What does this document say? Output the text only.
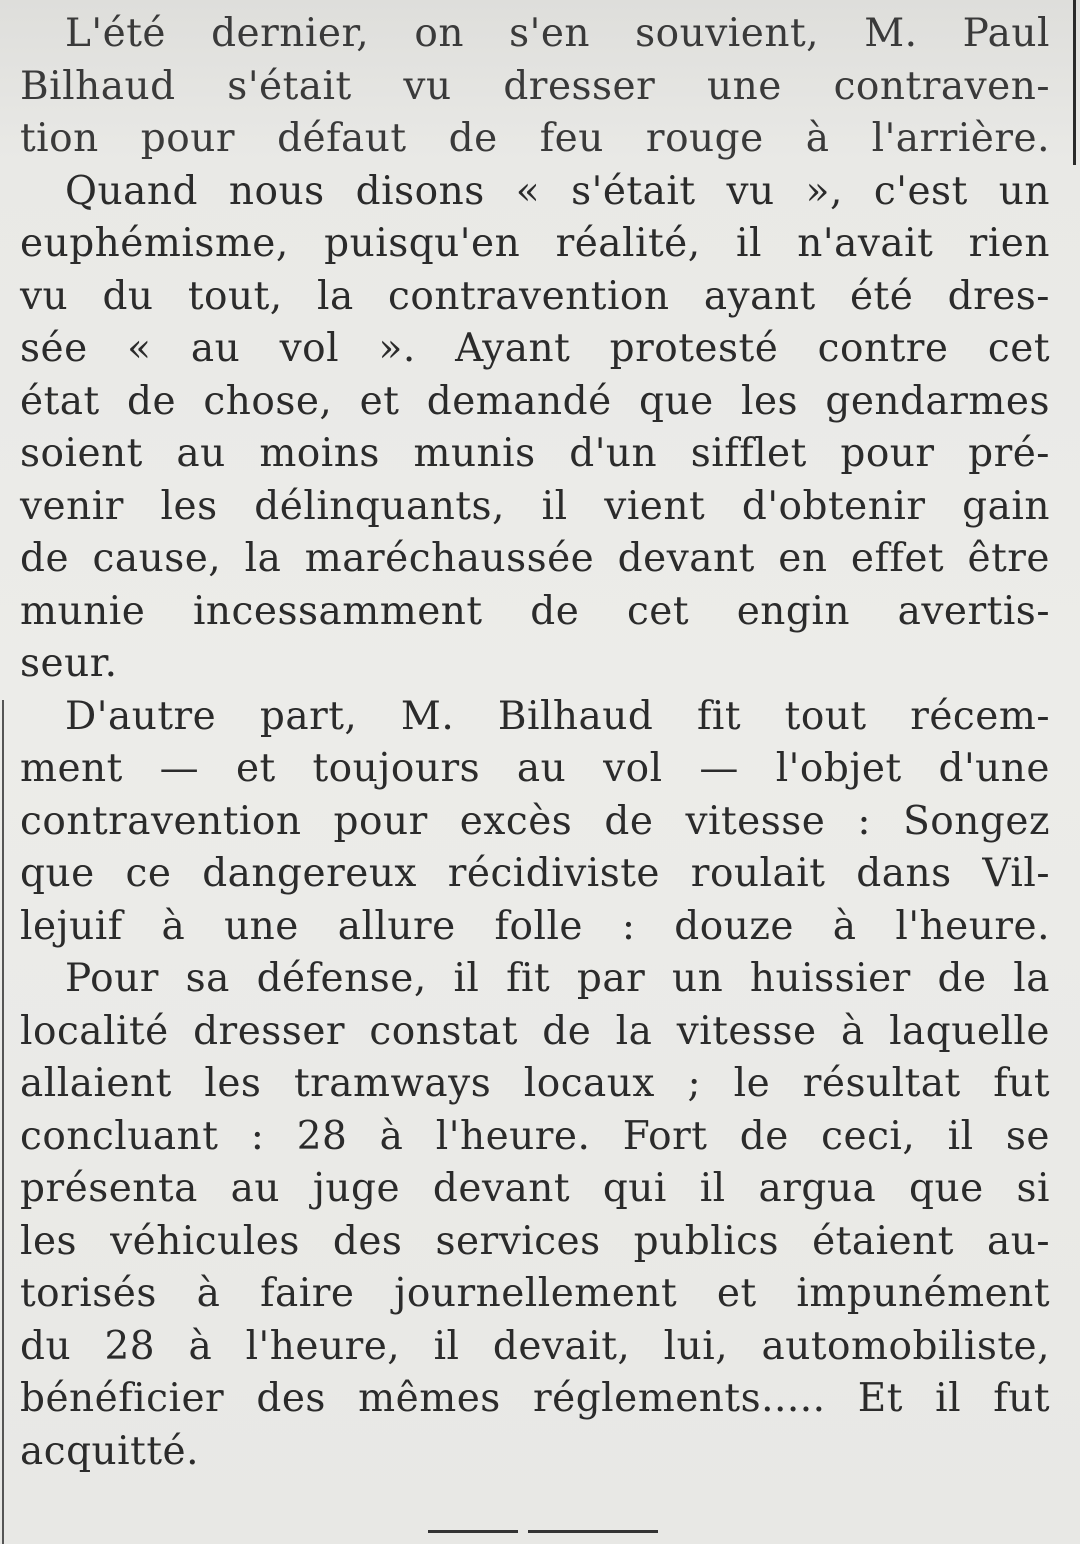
L'été dernier, on s'en souvient, M. Paul
Bilhaud s'était vu dresser une contraven-
tion pour défaut de feu rouge à l'arrière.
Quand nous disons « s'était vu », c'est un
euphémisme, puisqu'en réalité, il n'avait rien
vu du tout, la contravention ayant été dres-
sée « au vol ». Ayant protesté contre cet
état de chose, et demandé que les gendarmes
soient au moins munis d'un sifflet pour pré-
venir les délinquants, il vient d'obtenir gain
de cause, la maréchaussée devant en effet être
munie incessamment de cet engin avertis-
seur.
D'autre part, M. Bilhaud fit tout récem-
ment — et toujours au vol — l'objet d'une
contravention pour excès de vitesse : Songez
que ce dangereux récidiviste roulait dans Vil-
lejuif à une allure folle : douze à l'heure.
Pour sa défense, il fit par un huissier de la
localité dresser constat de la vitesse à laquelle
allaient les tramways locaux ; le résultat fut
concluant : 28 à l'heure. Fort de ceci, il se
présenta au juge devant qui il argua que si
les véhicules des services publics étaient au-
torisés à faire journellement et impunément
du 28 à l'heure, il devait, lui, automobiliste,
bénéficier des mêmes réglements..... Et il fut
acquitté.
